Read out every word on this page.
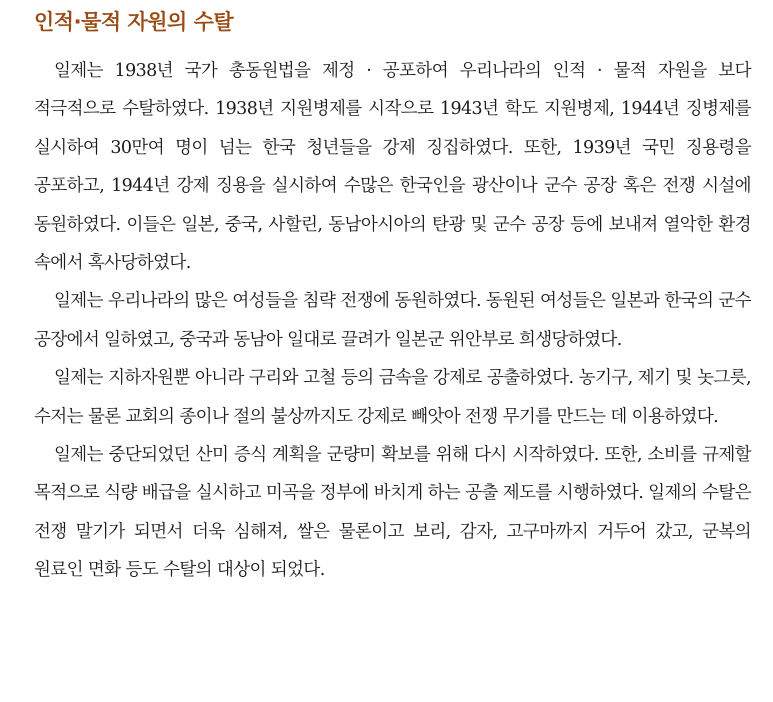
인적·물적 자원의 수탈

일제는 1938년 국가 총동원법을 제정 · 공포하여 우리나라의 인적 · 물적 자원을 보다 적극적으로 수탈하였다. 1938년 지원병제를 시작으로 1943년 학도 지원병제, 1944년 징병제를 실시하여 30만여 명이 넘는 한국 청년들을 강제 징집하였다. 또한, 1939년 국민 징용령을 공포하고, 1944년 강제 징용을 실시하여 수많은 한국인을 광산이나 군수 공장 혹은 전쟁 시설에 동원하였다. 이들은 일본, 중국, 사할린, 동남아시아의 탄광 및 군수 공장 등에 보내져 열악한 환경 속에서 혹사당하였다.

일제는 우리나라의 많은 여성들을 침략 전쟁에 동원하였다. 동원된 여성들은 일본과 한국의 군수 공장에서 일하였고, 중국과 동남아 일대로 끌려가 일본군 위안부로 희생당하였다.

일제는 지하자원뿐 아니라 구리와 고철 등의 금속을 강제로 공출하였다. 농기구, 제기 및 놋그릇, 수저는 물론 교회의 종이나 절의 불상까지도 강제로 빼앗아 전쟁 무기를 만드는 데 이용하였다.

일제는 중단되었던 산미 증식 계획을 군량미 확보를 위해 다시 시작하였다. 또한, 소비를 규제할 목적으로 식량 배급을 실시하고 미곡을 정부에 바치게 하는 공출 제도를 시행하였다. 일제의 수탈은 전쟁 말기가 되면서 더욱 심해져, 쌀은 물론이고 보리, 감자, 고구마까지 거두어 갔고, 군복의 원료인 면화 등도 수탈의 대상이 되었다.
